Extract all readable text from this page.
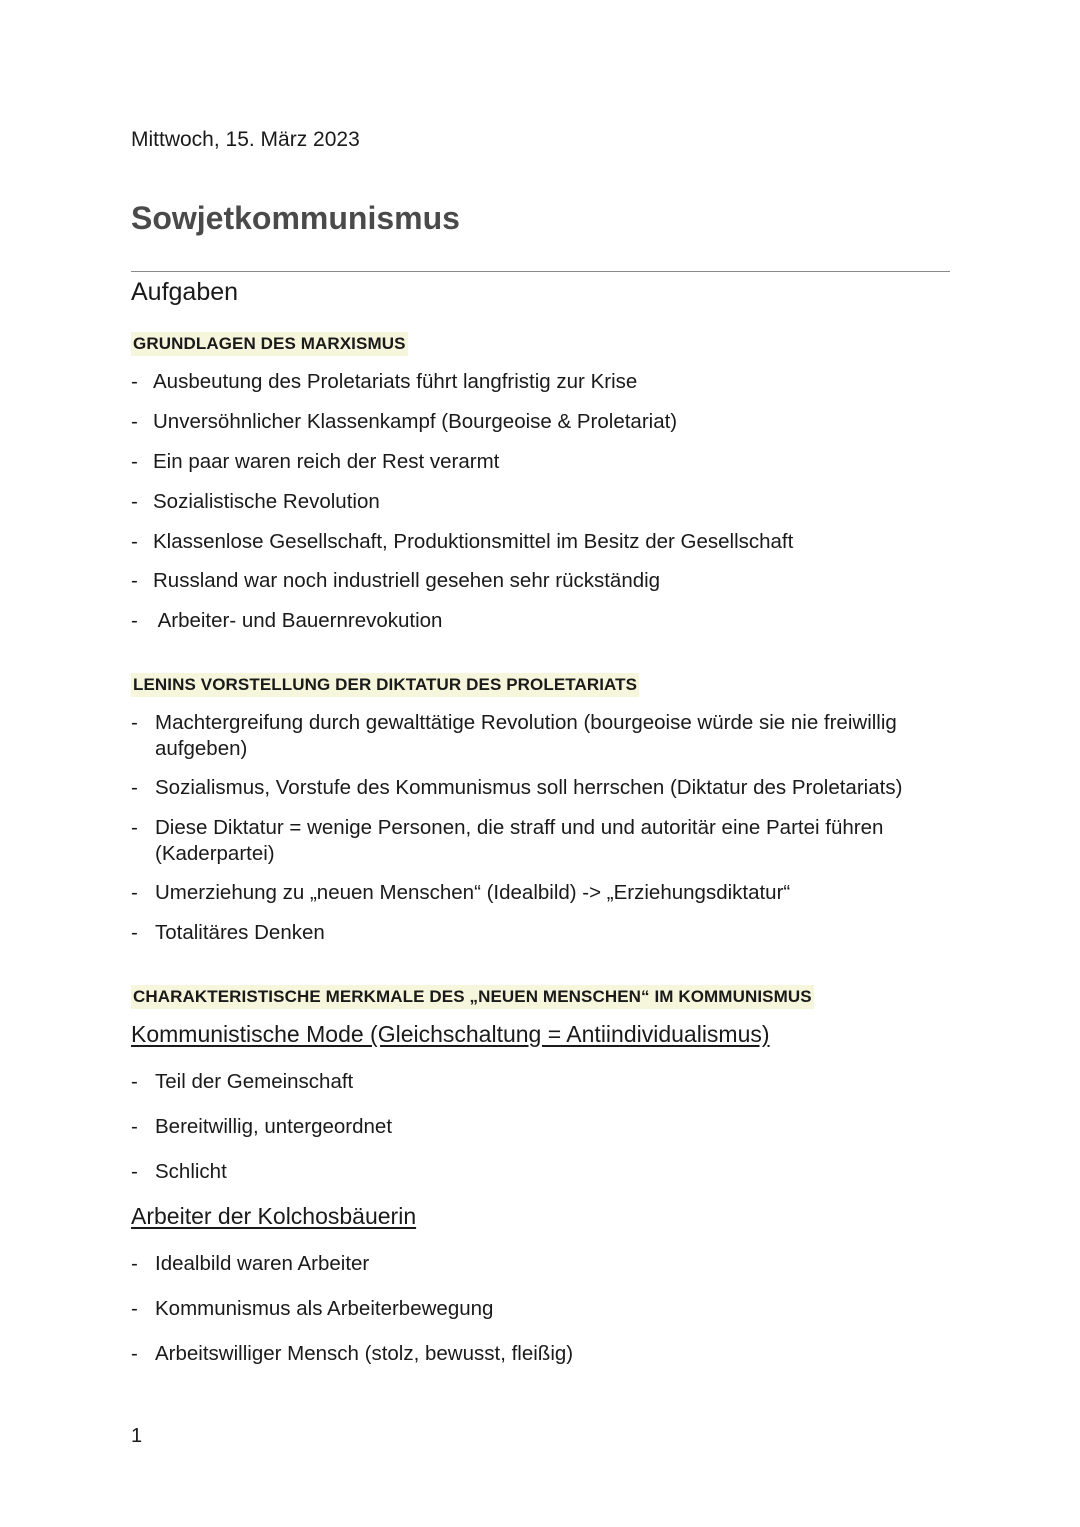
Mittwoch, 15. März 2023
Sowjetkommunismus
Aufgaben
GRUNDLAGEN DES MARXISMUS
- Ausbeutung des Proletariats führt langfristig zur Krise
- Unversöhnlicher Klassenkampf (Bourgeoise & Proletariat)
- Ein paar waren reich der Rest verarmt
- Sozialistische Revolution
- Klassenlose Gesellschaft, Produktionsmittel im Besitz der Gesellschaft
- Russland war noch industriell gesehen sehr rückständig
- Arbeiter- und Bauernrevokution
LENINS VORSTELLUNG DER DIKTATUR DES PROLETARIATS
- Machtergreifung durch gewalttätige Revolution (bourgeoise würde sie nie freiwillig aufgeben)
- Sozialismus, Vorstufe des Kommunismus soll herrschen (Diktatur des Proletariats)
- Diese Diktatur = wenige Personen, die straff und und autoritär eine Partei führen (Kaderpartei)
- Umerziehung zu „neuen Menschen“ (Idealbild) -> „Erziehungsdiktatur“
- Totalitäres Denken
CHARAKTERISTISCHE MERKMALE DES „NEUEN MENSCHEN“ IM KOMMUNISMUS
Kommunistische Mode (Gleichschaltung = Antiindividualismus)
- Teil der Gemeinschaft
- Bereitwillig, untergeordnet
- Schlicht
Arbeiter der Kolchosbäuerin
- Idealbild waren Arbeiter
- Kommunismus als Arbeiterbewegung
- Arbeitswilliger Mensch (stolz, bewusst, fleißig)
1
